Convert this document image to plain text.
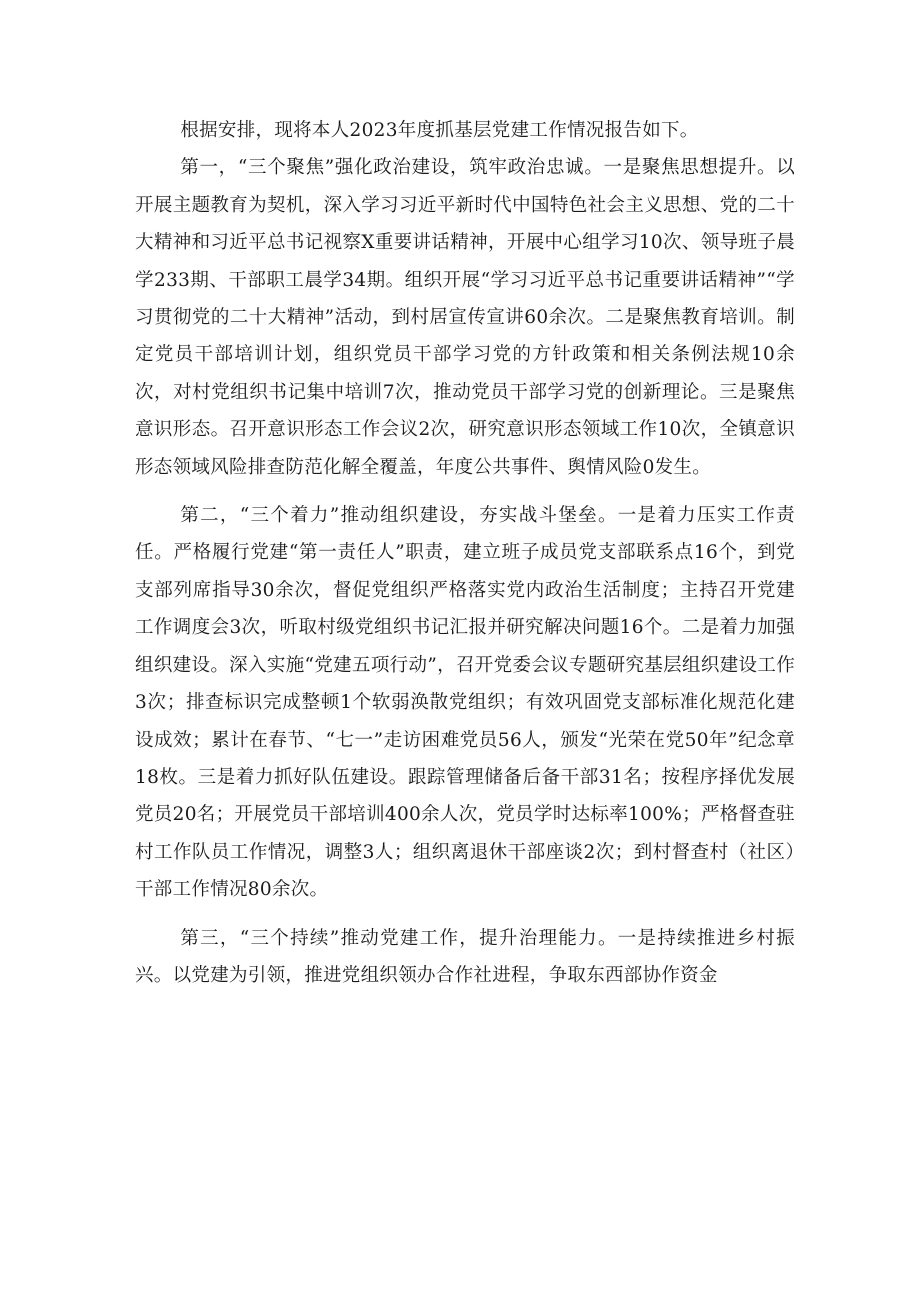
根据安排，现将本人2023年度抓基层党建工作情况报告如下。

第一，“三个聚焦”强化政治建设，筑牢政治忠诚。一是聚焦思想提升。以开展主题教育为契机，深入学习习近平新时代中国特色社会主义思想、党的二十大精神和习近平总书记视察X重要讲话精神，开展中心组学习10次、领导班子晨学233期、干部职工晨学34期。组织开展“学习习近平总书记重要讲话精神”“学习贯彻党的二十大精神”活动，到村居宣传宣讲60余次。二是聚焦教育培训。制定党员干部培训计划，组织党员干部学习党的方针政策和相关条例法规10余次，对村党组织书记集中培训7次，推动党员干部学习党的创新理论。三是聚焦意识形态。召开意识形态工作会议2次，研究意识形态领域工作10次，全镇意识形态领域风险排查防范化解全覆盖，年度公共事件、舆情风险0发生。

第二，“三个着力”推动组织建设，夯实战斗堡垒。一是着力压实工作责任。严格履行党建“第一责任人”职责，建立班子成员党支部联系点16个，到党支部列席指导30余次，督促党组织严格落实党内政治生活制度；主持召开党建工作调度会3次，听取村级党组织书记汇报并研究解决问题16个。二是着力加强组织建设。深入实施“党建五项行动”，召开党委会议专题研究基层组织建设工作3次；排查标识完成整顿1个软弱涣散党组织；有效巩固党支部标准化规范化建设成效；累计在春节、“七一”走访困难党员56人，颁发“光荣在党50年”纪念章18枚。三是着力抓好队伍建设。跟踪管理储备后备干部31名；按程序择优发展党员20名；开展党员干部培训400余人次，党员学时达标率100%；严格督查驻村工作队员工作情况，调整3人；组织离退休干部座谈2次；到村督查村（社区）干部工作情况80余次。

第三，“三个持续”推动党建工作，提升治理能力。一是持续推进乡村振兴。以党建为引领，推进党组织领办合作社进程，争取东西部协作资金
